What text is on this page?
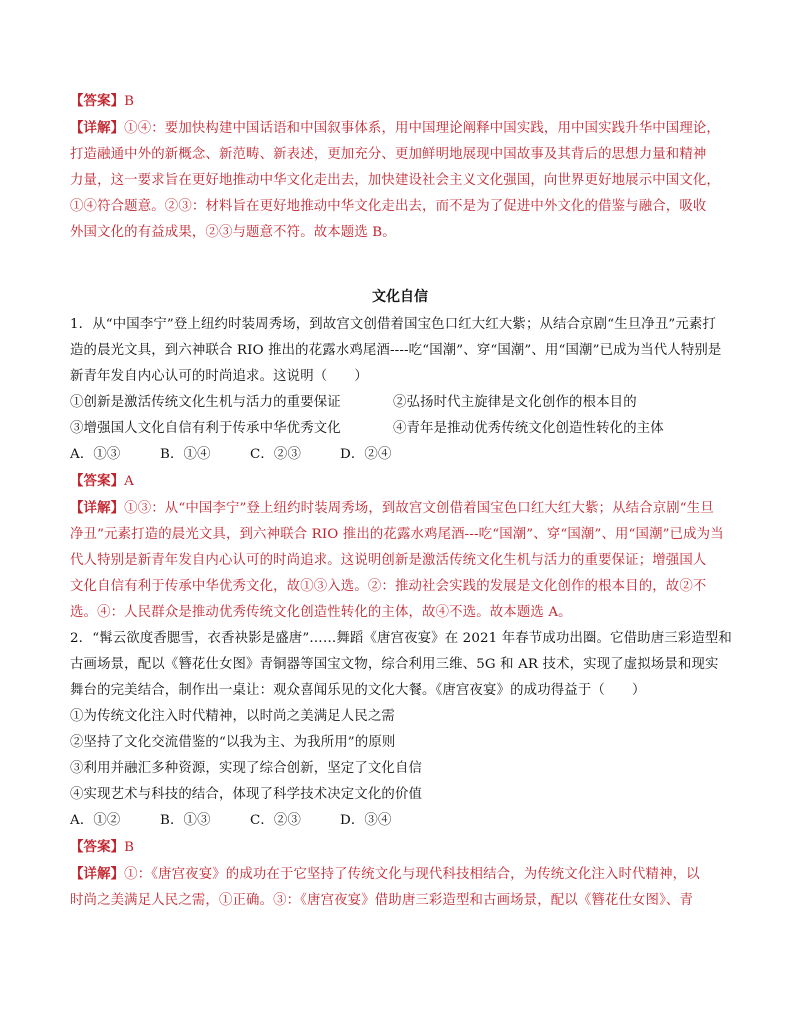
【答案】B
【详解】①④：要加快构建中国话语和中国叙事体系，用中国理论阐释中国实践，用中国实践升华中国理论，
打造融通中外的新概念、新范畴、新表述，更加充分、更加鲜明地展现中国故事及其背后的思想力量和精神
力量，这一要求旨在更好地推动中华文化走出去，加快建设社会主义文化强国，向世界更好地展示中国文化，
①④符合题意。②③：材料旨在更好地推动中华文化走出去，而不是为了促进中外文化的借鉴与融合，吸收
外国文化的有益成果，②③与题意不符。故本题选 B。
文化自信
1．从“中国李宁”登上纽约时装周秀场，到故宫文创借着国宝色口红大红大紫；从结合京剧“生旦净丑”元素打
造的晨光文具，到六神联合 RIO 推出的花露水鸡尾酒----吃“国潮”、穿“国潮”、用“国潮”已成为当代人特别是
新青年发自内心认可的时尚追求。这说明（　　）
①创新是激活传统文化生机与活力的重要保证	②弘扬时代主旋律是文化创作的根本目的
③增强国人文化自信有利于传承中华优秀文化	④青年是推动优秀传统文化创造性转化的主体
A．①③	B．①④	C．②③	D．②④
【答案】A
【详解】①③：从“中国李宁”登上纽约时装周秀场，到故宫文创借着国宝色口红大红大紫；从结合京剧“生旦
净丑”元素打造的晨光文具，到六神联合 RIO 推出的花露水鸡尾酒---吃“国潮”、穿“国潮”、用“国潮”已成为当
代人特别是新青年发自内心认可的时尚追求。这说明创新是激活传统文化生机与活力的重要保证；增强国人
文化自信有利于传承中华优秀文化，故①③入选。②：推动社会实践的发展是文化创作的根本目的，故②不
选。④：人民群众是推动优秀传统文化创造性转化的主体，故④不选。故本题选 A。
2．“髯云欲度香腮雪，衣香袂影是盛唐”……舞蹈《唐宫夜宴》在 2021 年春节成功出圈。它借助唐三彩造型和
古画场景，配以《簪花仕女图》青铜器等国宝文物，综合利用三维、5G 和 AR 技术，实现了虚拟场景和现实
舞台的完美结合，制作出一桌让：观众喜闻乐见的文化大餐。《唐宫夜宴》的成功得益于（　　）
①为传统文化注入时代精神，以时尚之美满足人民之需
②坚持了文化交流借鉴的“以我为主、为我所用”的原则
③利用并融汇多种资源，实现了综合创新，坚定了文化自信
④实现艺术与科技的结合，体现了科学技术决定文化的价值
A．①②	B．①③	C．②③	D．③④
【答案】B
【详解】①：《唐宫夜宴》的成功在于它坚持了传统文化与现代科技相结合，为传统文化注入时代精神，以
时尚之美满足人民之需，①正确。③：《唐宫夜宴》借助唐三彩造型和古画场景，配以《簪花仕女图》、青
